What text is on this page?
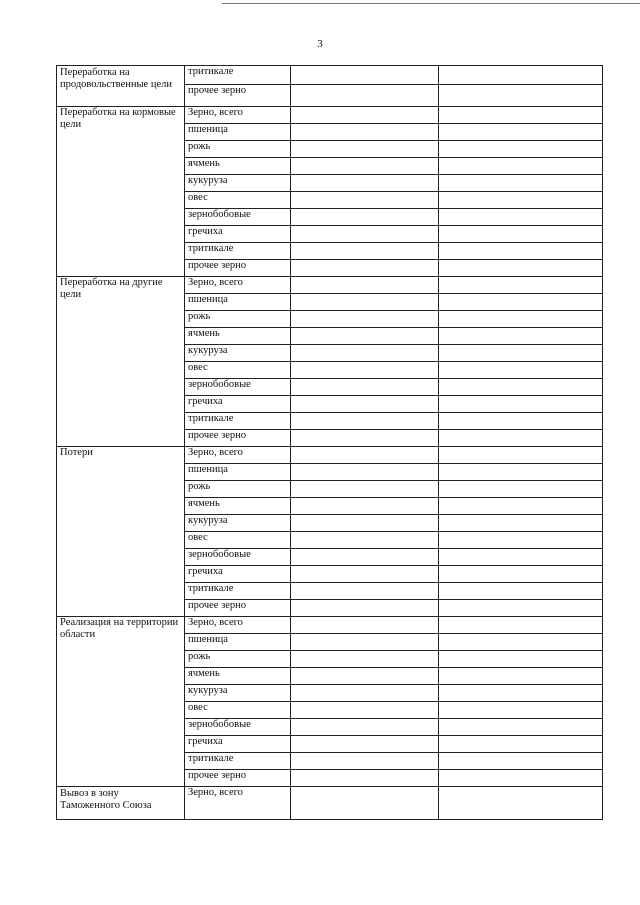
3
Переработка на продовольственные цели	тритикале		
	прочее зерно		
Переработка на кормовые цели	Зерно, всего		
	пшеница		
	рожь		
	ячмень		
	кукуруза		
	овес		
	зернобобовые		
	гречиха		
	тритикале		
	прочее зерно		
Переработка на другие цели	Зерно, всего		
	пшеница		
	рожь		
	ячмень		
	кукуруза		
	овес		
	зернобобовые		
	гречиха		
	тритикале		
	прочее зерно		
Потери	Зерно, всего		
	пшеница		
	рожь		
	ячмень		
	кукуруза		
	овес		
	зернобобовые		
	гречиха		
	тритикале		
	прочее зерно		
Реализация на территории области	Зерно, всего		
	пшеница		
	рожь		
	ячмень		
	кукуруза		
	овес		
	зернобобовые		
	гречиха		
	тритикале		
	прочее зерно		
Вывоз в зону Таможенного Союза	Зерно, всего		
